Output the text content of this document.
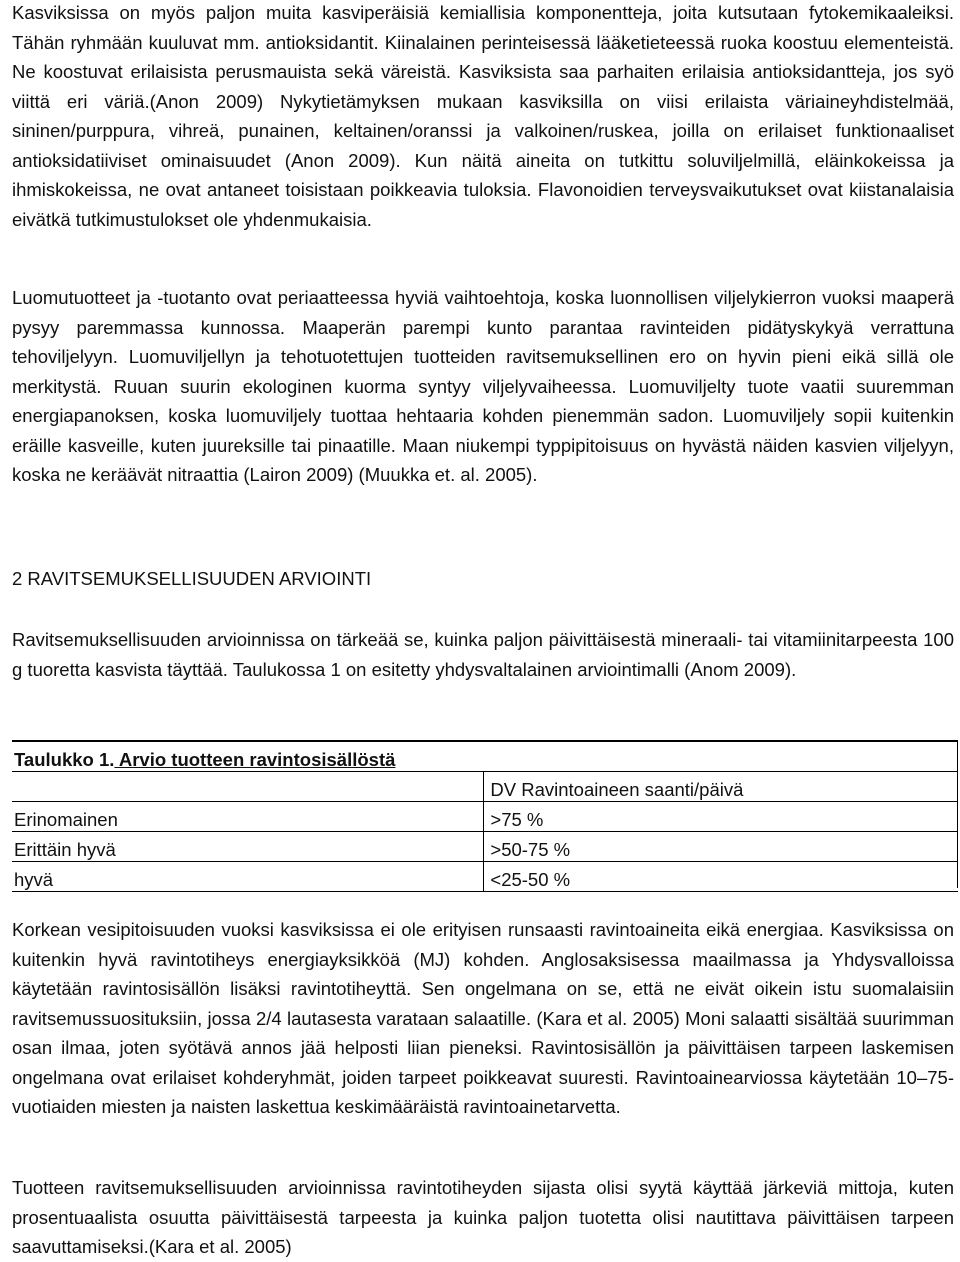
Kasviksissa on myös paljon muita kasviperäisiä kemiallisia komponentteja, joita kutsutaan fytokemikaaleiksi. Tähän ryhmään kuuluvat mm. antioksidantit. Kiinalainen perinteisessä lääketieteessä ruoka koostuu elementeistä. Ne koostuvat erilaisista perusmauista sekä väreistä. Kasviksista saa parhaiten erilaisia antioksidantteja, jos syö viittä eri väriä.(Anon 2009) Nykytietämyksen mukaan kasviksilla on viisi erilaista väriaineyhdistelmää, sininen/purppura, vihreä, punainen, keltainen/oranssi ja valkoinen/ruskea, joilla on erilaiset funktionaaliset antioksidatiiviset ominaisuudet (Anon 2009). Kun näitä aineita on tutkittu soluviljelmillä, eläinkokeissa ja ihmiskokeissa, ne ovat antaneet toisistaan poikkeavia tuloksia. Flavonoidien terveysvaikutukset ovat kiistanalaisia eivätkä tutkimustulokset ole yhdenmukaisia.

Luomutuotteet ja -tuotanto ovat periaatteessa hyviä vaihtoehtoja, koska luonnollisen viljelykierron vuoksi maaperä pysyy paremmassa kunnossa. Maaperän parempi kunto parantaa ravinteiden pidätyskykyä verrattuna tehoviljelyyn. Luomuviljellyn ja tehotuotettujen tuotteiden ravitsemuksellinen ero on hyvin pieni eikä sillä ole merkitystä. Ruuan suurin ekologinen kuorma syntyy viljelyvaiheessa. Luomuviljelty tuote vaatii suuremman energiapanoksen, koska luomuviljely tuottaa hehtaaria kohden pienemmän sadon. Luomuviljely sopii kuitenkin eräille kasveille, kuten juureksille tai pinaatille. Maan niukempi typpipitoisuus on hyvästä näiden kasvien viljelyyn, koska ne keräävät nitraattia (Lairon 2009) (Muukka et. al. 2005).

2 RAVITSEMUKSELLISUUDEN ARVIOINTI

Ravitsemuksellisuuden arvioinnissa on tärkeää se, kuinka paljon päivittäisestä mineraali- tai vitamiinitarpeesta 100 g tuoretta kasvista täyttää. Taulukossa 1 on esitetty yhdysvaltalainen arviointimalli (Anom 2009).

Taulukko 1. Arvio tuotteen ravintosisällöstä	
	DV Ravintoaineen saanti/päivä
Erinomainen	>75 %
Erittäin hyvä	>50-75 %
hyvä	<25-50 %

Korkean vesipitoisuuden vuoksi kasviksissa ei ole erityisen runsaasti ravintoaineita eikä energiaa. Kasviksissa on kuitenkin hyvä ravintotiheys energiayksikköä (MJ) kohden. Anglosaksisessa maailmassa ja Yhdysvalloissa käytetään ravintosisällön lisäksi ravintotiheyttä. Sen ongelmana on se, että ne eivät oikein istu suomalaisiin ravitsemussuosituksiin, jossa 2/4 lautasesta varataan salaatille. (Kara et al. 2005) Moni salaatti sisältää suurimman osan ilmaa, joten syötävä annos jää helposti liian pieneksi. Ravintosisällön ja päivittäisen tarpeen laskemisen ongelmana ovat erilaiset kohderyhmät, joiden tarpeet poikkeavat suuresti. Ravintoainearviossa käytetään 10–75-vuotiaiden miesten ja naisten laskettua keskimääräistä ravintoainetarvetta.

Tuotteen ravitsemuksellisuuden arvioinnissa ravintotiheyden sijasta olisi syytä käyttää järkeviä mittoja, kuten prosentuaalista osuutta päivittäisestä tarpeesta ja kuinka paljon tuotetta olisi nautittava päivittäisen tarpeen saavuttamiseksi.(Kara et al. 2005)
